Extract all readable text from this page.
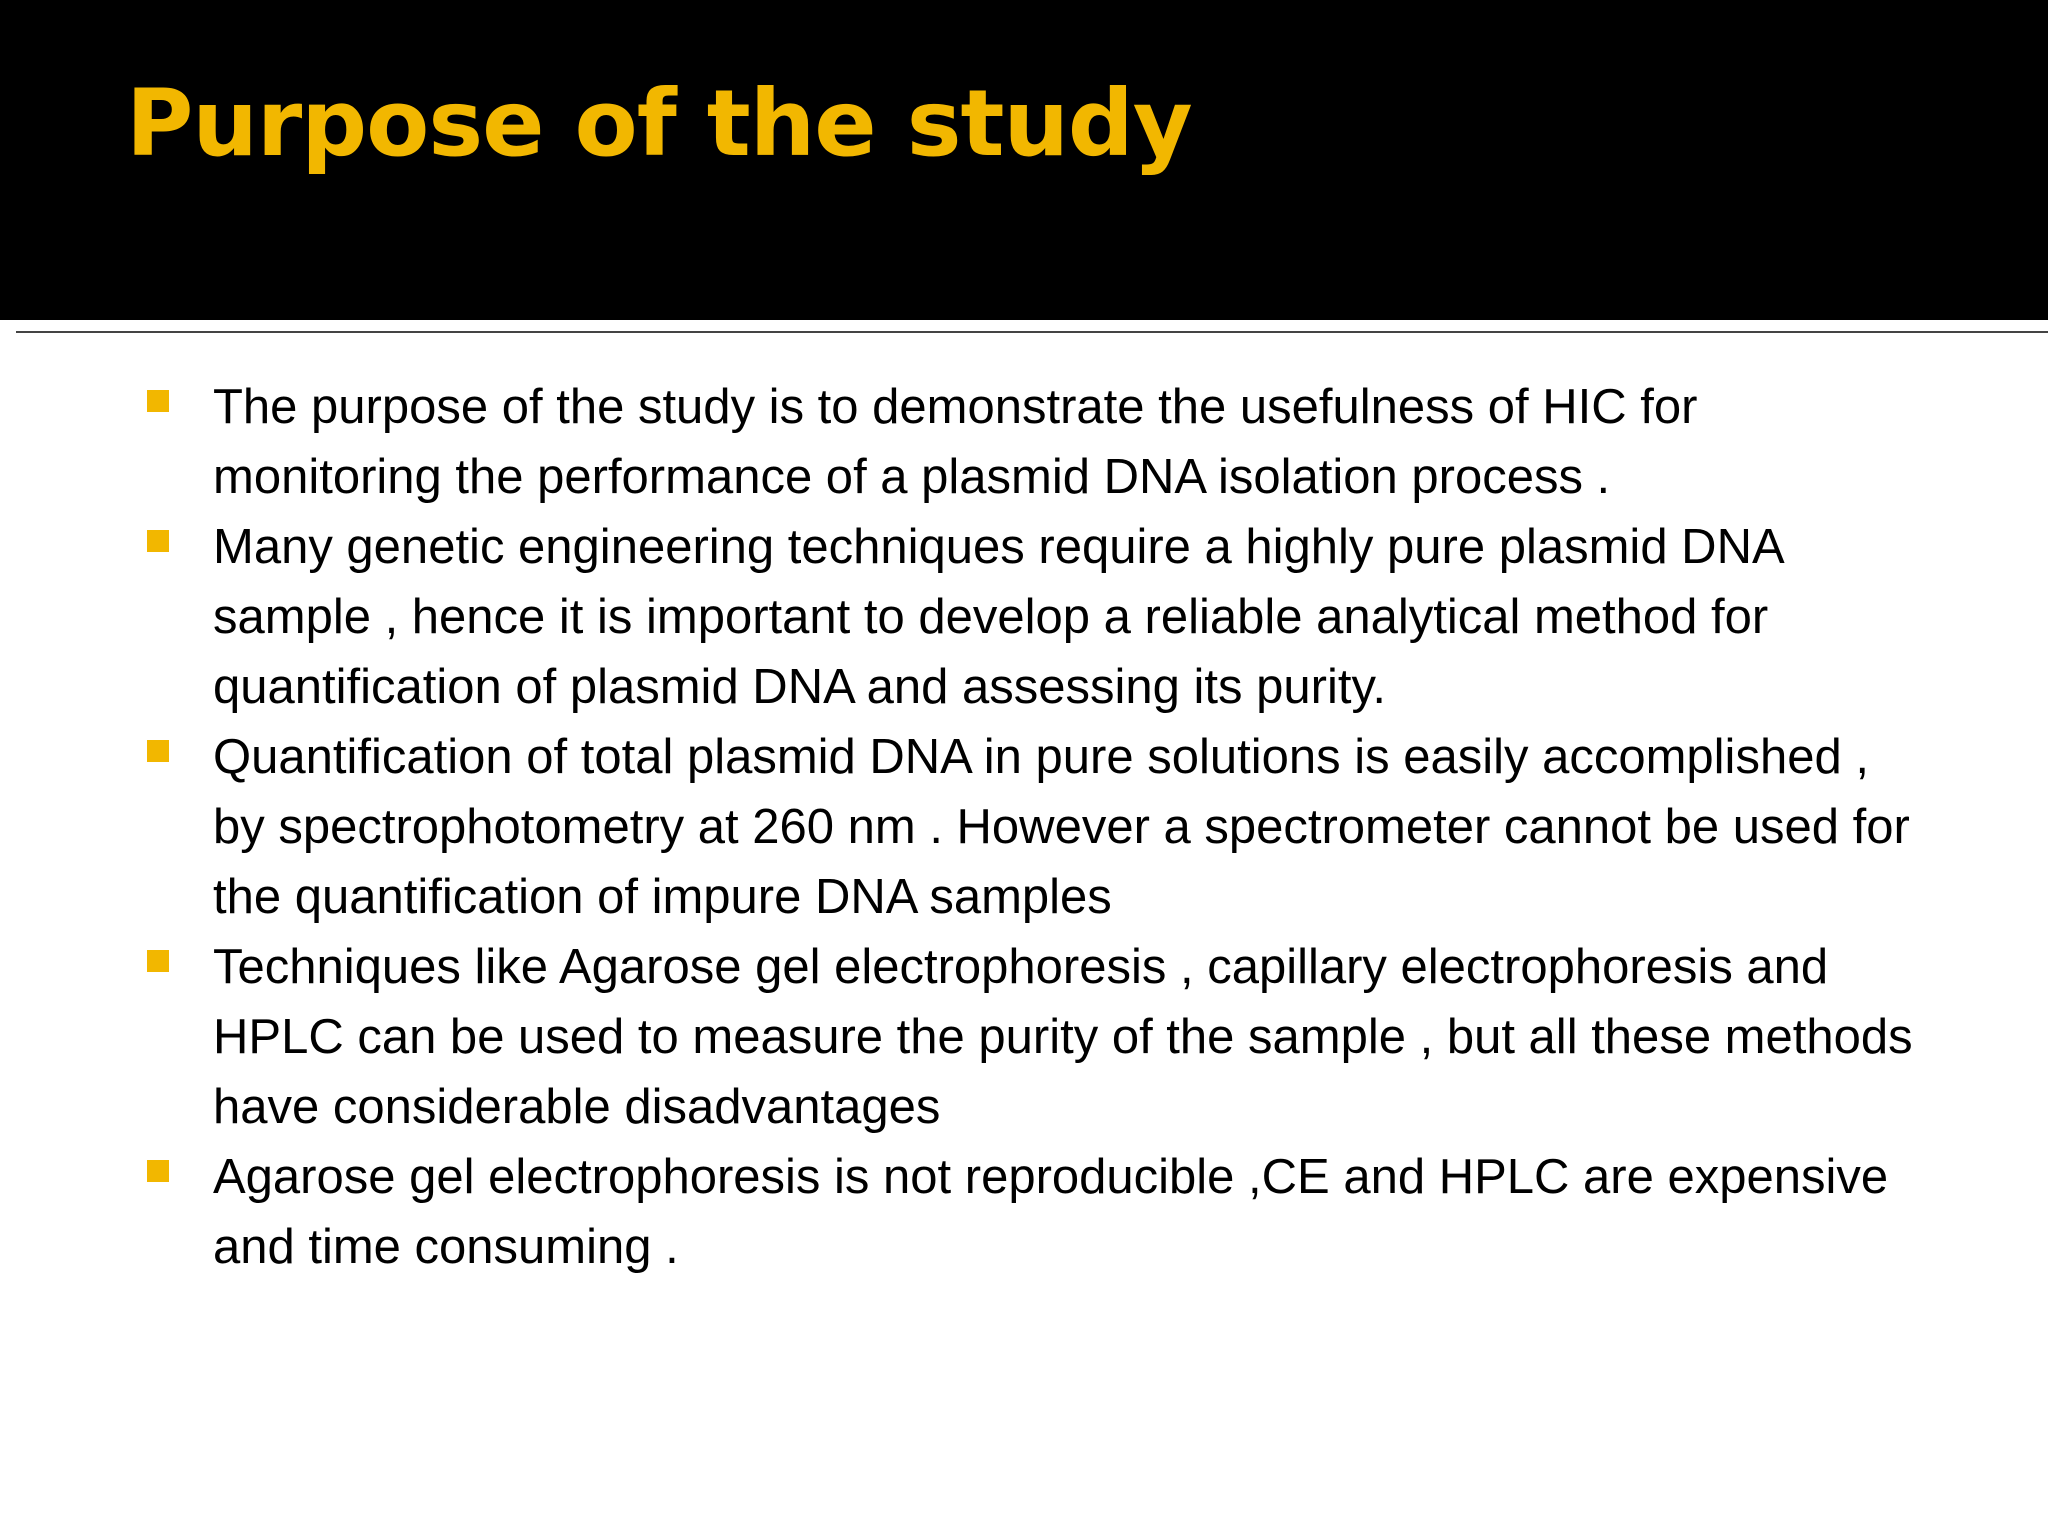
Purpose of the study
The purpose of the study is to demonstrate the usefulness of HIC for monitoring the performance of a plasmid DNA isolation process .
Many genetic engineering techniques require a highly pure plasmid DNA sample , hence it is important to develop a reliable analytical method for quantification of plasmid DNA and assessing its purity.
Quantification of total plasmid DNA in pure solutions is easily accomplished , by spectrophotometry at 260 nm . However a spectrometer cannot be used for the quantification of impure DNA samples
Techniques like Agarose gel electrophoresis , capillary electrophoresis and HPLC can be used to measure the purity of the sample , but all these methods have considerable disadvantages
Agarose gel electrophoresis is not reproducible ,CE and HPLC are expensive and time consuming .
